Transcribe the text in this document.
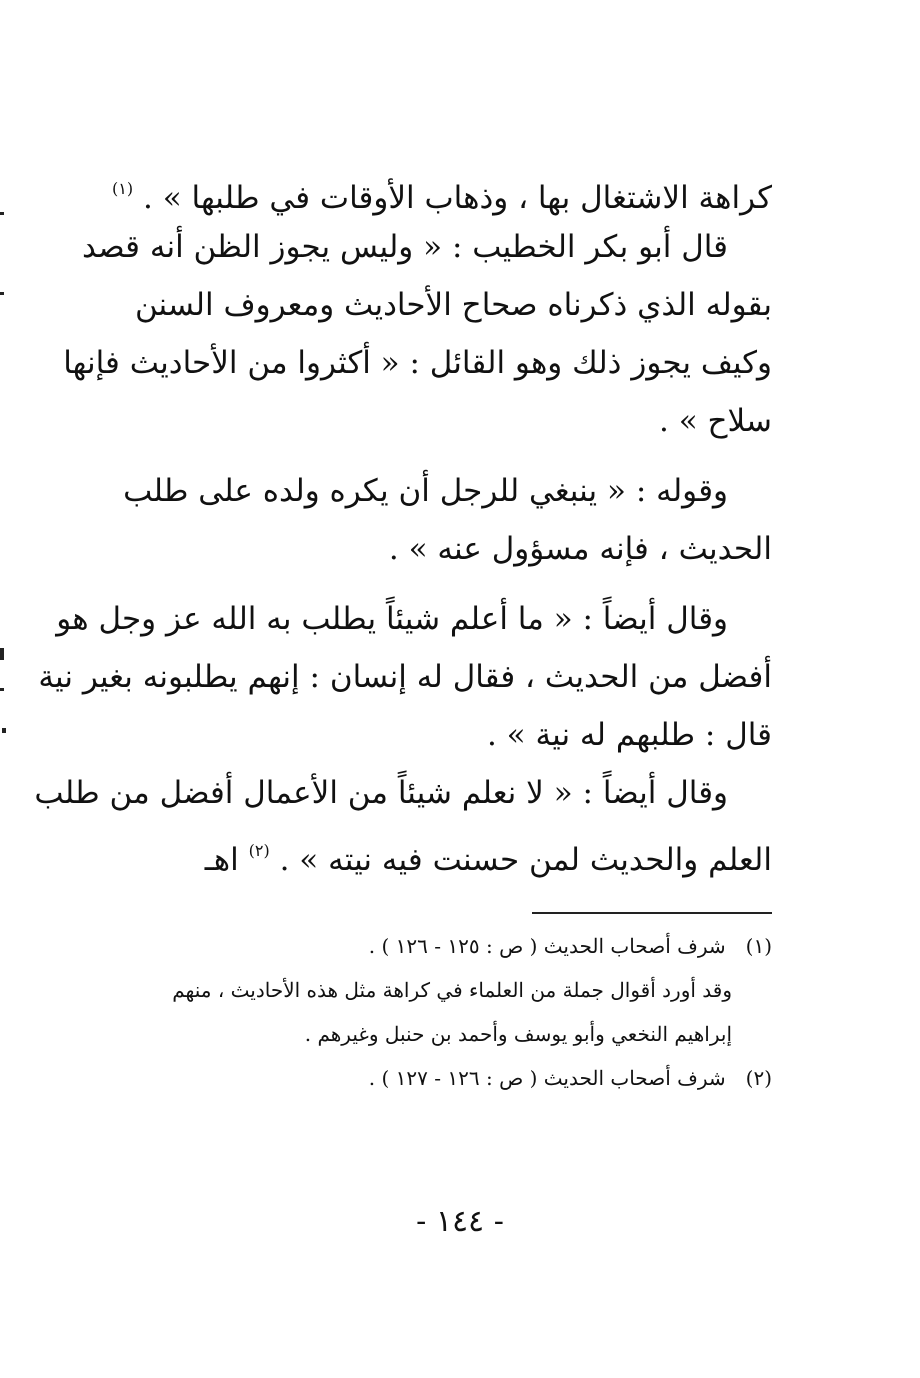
كراهة الاشتغال بها ، وذهاب الأوقات في طلبها » . $^{(١)}$
قال أبو بكر الخطيب : « وليس يجوز الظن أنه قصد
بقوله الذي ذكرناه صحاح الأحاديث ومعروف السنن
وكيف يجوز ذلك وهو القائل : « أكثروا من الأحاديث فإنها
سلاح » .
وقوله : « ينبغي للرجل أن يكره ولده على طلب
الحديث ، فإنه مسؤول عنه » .
وقال أيضاً : « ما أعلم شيئاً يطلب به الله عز وجل هو
أفضل من الحديث ، فقال له إنسان : إنهم يطلبونه بغير نية
قال : طلبهم له نية » .
وقال أيضاً : « لا نعلم شيئاً من الأعمال أفضل من طلب
العلم والحديث لمن حسنت فيه نيته » . $^{(٢)}$ اهـ
(١) شرف أصحاب الحديث ( ص : ١٢٥ - ١٢٦ ) .
وقد أورد أقوال جملة من العلماء في كراهة مثل هذه الأحاديث ، منهم
إبراهيم النخعي وأبو يوسف وأحمد بن حنبل وغيرهم .
(٢) شرف أصحاب الحديث ( ص : ١٢٦ - ١٢٧ ) .
- ١٤٤ -
